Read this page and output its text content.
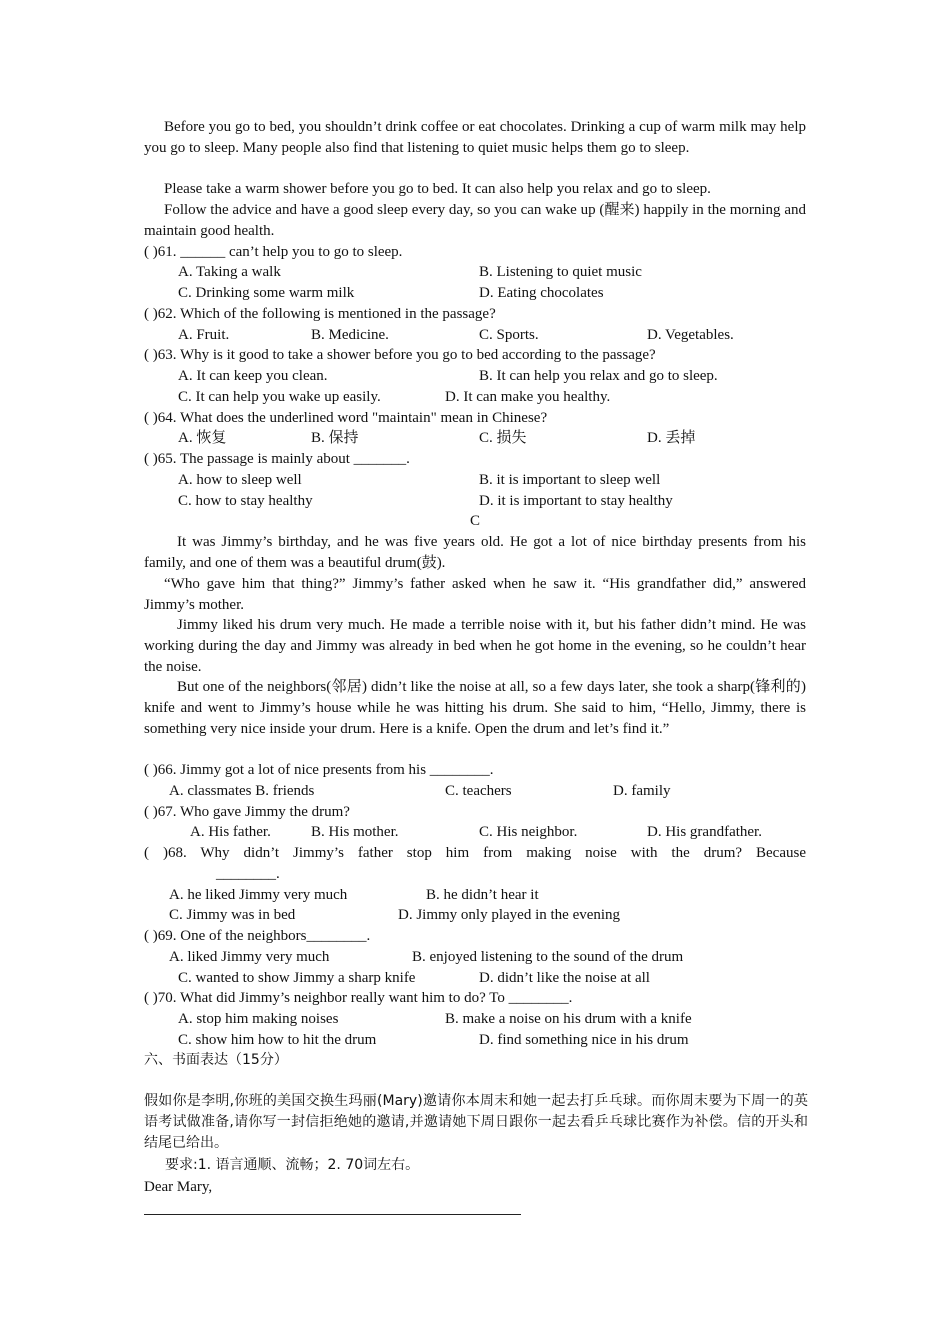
Before you go to bed, you shouldn’t drink coffee or eat chocolates. Drinking a cup of warm milk may help you go to sleep. Many people also find that listening to quiet music helps them go to sleep.

Please take a warm shower before you go to bed. It can also help you relax and go to sleep.

Follow the advice and have a good sleep every day, so you can wake up (醒来) happily in the morning and maintain good health.

( )61. ______ can’t help you to go to sleep.
A. Taking a walk	B. Listening to quiet music
C. Drinking some warm milk	D. Eating chocolates
( )62. Which of the following is mentioned in the passage?
A. Fruit.	B. Medicine.	C. Sports.	D. Vegetables.
( )63. Why is it good to take a shower before you go to bed according to the passage?
A. It can keep you clean.	B. It can help you relax and go to sleep.
C. It can help you wake up easily.	D. It can make you healthy.
( )64. What does the underlined word "maintain" mean in Chinese?
A. 恢复	B. 保持	C. 损失	D. 丢掉
( )65. The passage is mainly about _______.
A. how to sleep well	B. it is important to sleep well
C. how to stay healthy	D. it is important to stay healthy
C

It was Jimmy’s birthday, and he was five years old. He got a lot of nice birthday presents from his family, and one of them was a beautiful drum(鼓).

“Who gave him that thing?” Jimmy’s father asked when he saw it. “His grandfather did,” answered Jimmy’s mother.

Jimmy liked his drum very much. He made a terrible noise with it, but his father didn’t mind. He was working during the day and Jimmy was already in bed when he got home in the evening, so he couldn’t hear the noise.

But one of the neighbors(邻居) didn’t like the noise at all, so a few days later, she took a sharp(锋利的) knife and went to Jimmy’s house while he was hitting his drum. She said to him, “Hello, Jimmy, there is something very nice inside your drum. Here is a knife. Open the drum and let’s find it.”

( )66. Jimmy got a lot of nice presents from his ________.
A. classmates B. friends	C. teachers	D. family
( )67. Who gave Jimmy the drum?
A. His father.	B. His mother.	C. His neighbor.	D. His grandfather.
( )68. Why didn’t Jimmy’s father stop him from making noise with the drum? Because
________.
A. he liked Jimmy very much	B. he didn’t hear it
C. Jimmy was in bed	D. Jimmy only played in the evening
( )69. One of the neighbors________.
A. liked Jimmy very much	B. enjoyed listening to the sound of the drum
C. wanted to show Jimmy a sharp knife	D. didn’t like the noise at all
( )70. What did Jimmy’s neighbor really want him to do? To ________.
A. stop him making noises	B. make a noise on his drum with a knife
C. show him how to hit the drum	D. find something nice in his drum
六、书面表达（15分）

假如你是李明,你班的美国交换生玛丽(Mary)邀请你本周末和她一起去打乒乓球。而你周末要为下周一的英语考试做准备,请你写一封信拒绝她的邀请,并邀请她下周日跟你一起去看乒乓球比赛作为补偿。信的开头和结尾已给出。

要求:1. 语言通顺、流畅；2. 70词左右。
Dear Mary,
